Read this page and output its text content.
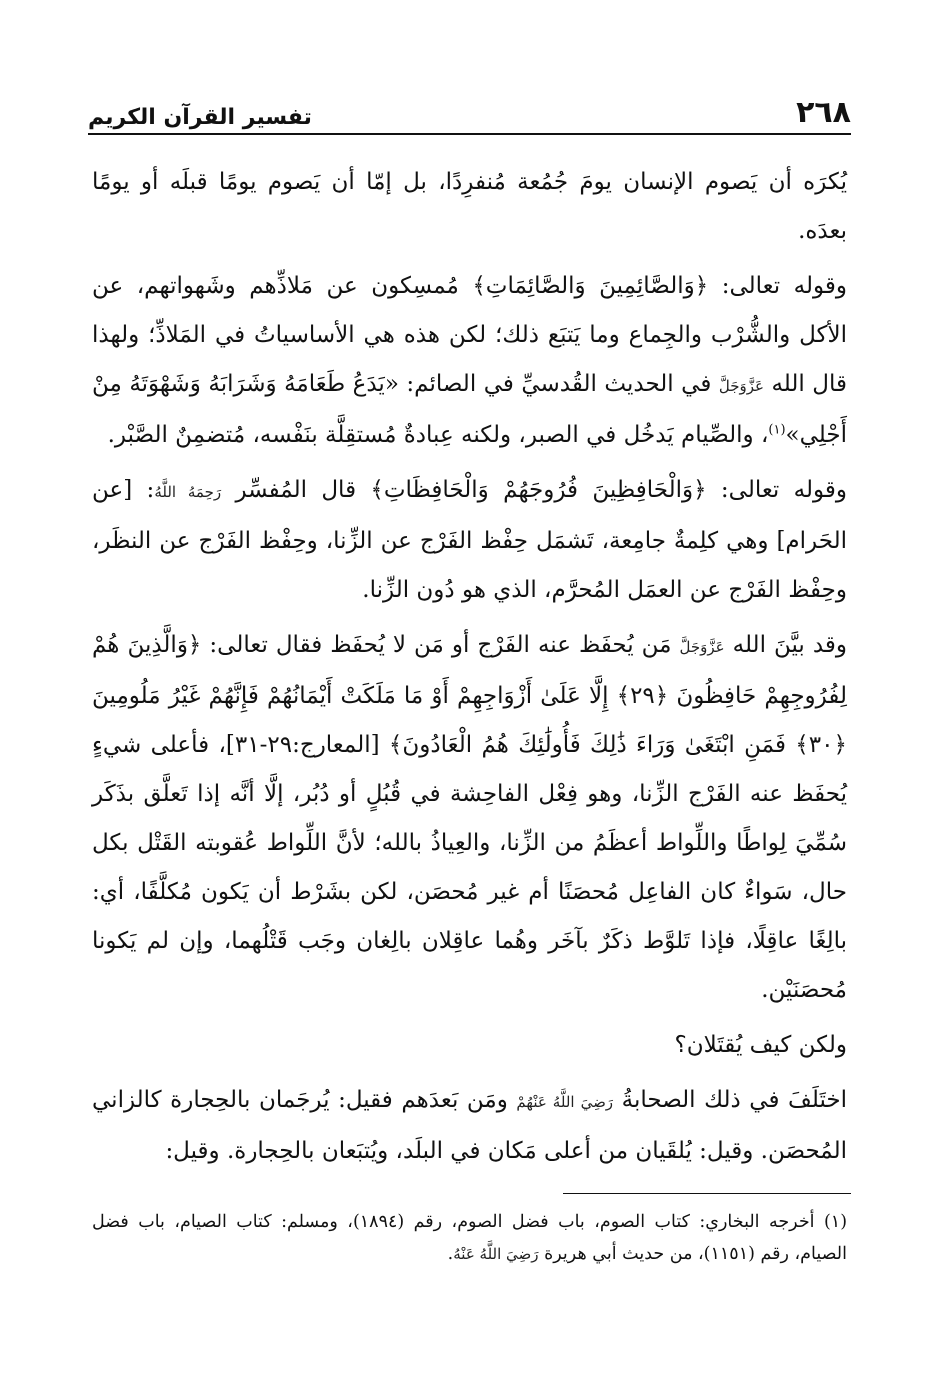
٢٦٨
تفسير القرآن الكريم

يُكرَه أن يَصوم الإنسان يومَ جُمُعة مُنفرِدًا، بل إمّا أن يَصوم يومًا قبلَه أو يومًا بعدَه.

وقوله تعالى: ﴿وَالصَّائِمِينَ وَالصَّائِمَاتِ﴾ مُمسِكون عن مَلاذِّهم وشَهواتهم، عن الأكل والشُّرْب والجِماع وما يَتبَع ذلك؛ لكن هذه هي الأساسياتُ في المَلاذِّ؛ ولهذا قال الله عَزَّوَجَلَّ في الحديث القُدسيِّ في الصائم: «يَدَعُ طَعَامَهُ وَشَرَابَهُ وَشَهْوَتَهُ مِنْ أَجْلِي»$^{(١)}$، والصِّيام يَدخُل في الصبر، ولكنه عِبادةٌ مُستقِلَّة بنَفْسه، مُتضمِنٌ الصَّبْر.

وقوله تعالى: ﴿وَالْحَافِظِينَ فُرُوجَهُمْ وَالْحَافِظَاتِ﴾ قال المُفسِّر رَحِمَهُ اللَّهُ: [عن الحَرام] وهي كلِمةٌ جامِعة، تَشمَل حِفْظ الفَرْج عن الزِّنا، وحِفْظ الفَرْج عن النظَر، وحِفْظ الفَرْج عن العمَل المُحرَّم، الذي هو دُون الزِّنا.

وقد بيَّنَ الله عَزَّوَجَلَّ مَن يُحفَظ عنه الفَرْج أو مَن لا يُحفَظ فقال تعالى: ﴿وَالَّذِينَ هُمْ لِفُرُوجِهِمْ حَافِظُونَ ﴿٢٩﴾ إِلَّا عَلَىٰ أَزْوَاجِهِمْ أَوْ مَا مَلَكَتْ أَيْمَانُهُمْ فَإِنَّهُمْ غَيْرُ مَلُومِينَ ﴿٣٠﴾ فَمَنِ ابْتَغَىٰ وَرَاءَ ذَٰلِكَ فَأُولَٰئِكَ هُمُ الْعَادُونَ﴾ [المعارج:٢٩-٣١]، فأعلى شيءٍ يُحفَظ عنه الفَرْج الزِّنا، وهو فِعْل الفاحِشة في قُبُلٍ أو دُبُر، إلَّا أنَّه إذا تَعلَّق بذَكَر سُمِّيَ لِواطًا واللِّواط أعظَمُ من الزِّنا، والعِياذُ بالله؛ لأنَّ اللِّواط عُقوبته القَتْل بكل حال، سَواءٌ كان الفاعِل مُحصَنًا أم غير مُحصَن، لكن بشَرْط أن يَكون مُكلَّفًا، أي: بالِغًا عاقِلًا، فإذا تَلوَّط ذكَرٌ بآخَر وهُما عاقِلان بالِغان وجَب قَتْلُهما، وإن لم يَكونا مُحصَنَيْن.

ولكن كيف يُقتَلان؟

اختَلَفَ في ذلك الصحابةُ رَضِيَ اللَّهُ عَنْهُمْ ومَن بَعدَهم فقيل: يُرجَمان بالحِجارة كالزاني المُحصَن. وقيل: يُلقَيان من أعلى مَكان في البلَد، ويُتبَعان بالحِجارة. وقيل:

(١) أخرجه البخاري: كتاب الصوم، باب فضل الصوم، رقم (١٨٩٤)، ومسلم: كتاب الصيام، باب فضل الصيام، رقم (١١٥١)، من حديث أبي هريرة رَضِيَ اللَّهُ عَنْهُ.
